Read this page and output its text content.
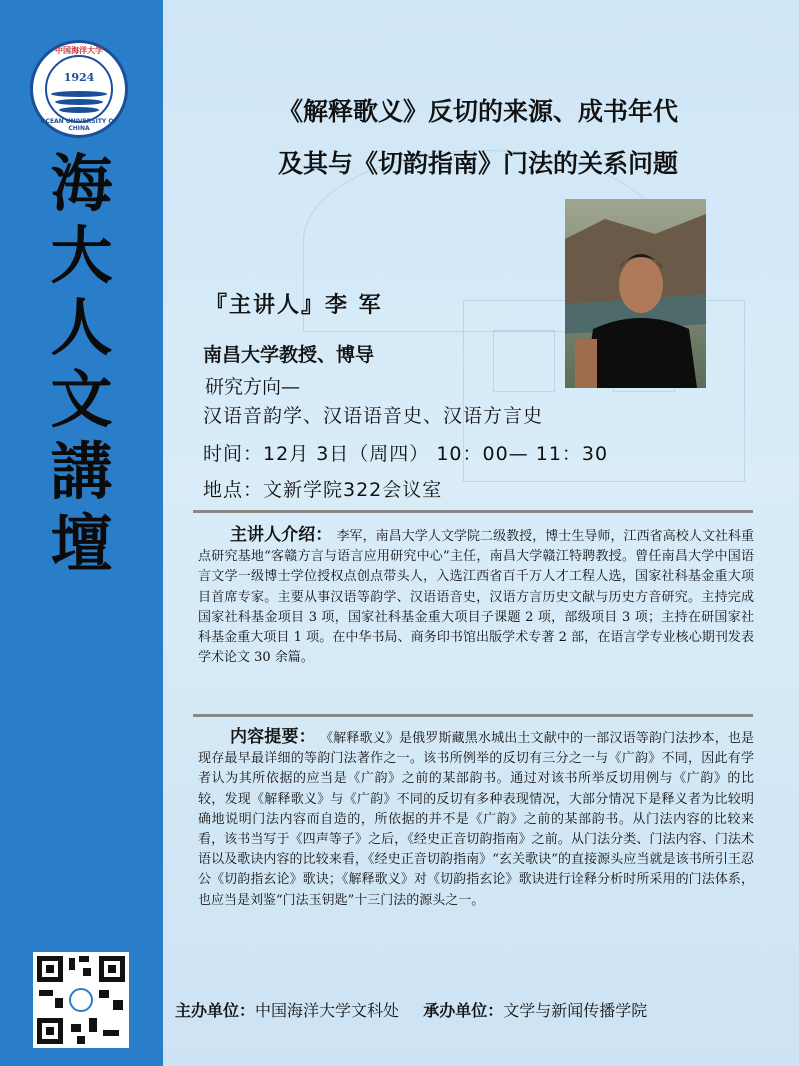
中国海洋大学
1924
OCEAN UNIVERSITY OF CHINA
海
大
人
文
講
壇
《解释歌义》反切的来源、成书年代
及其与《切韵指南》门法的关系问题
『主讲人』李 军
南昌大学教授、博导
研究方向—
汉语音韵学、汉语语音史、汉语方言史
时间：12月 3日（周四） 10：00— 11：30
地点：文新学院322会议室
主讲人介绍： 李军，南昌大学人文学院二级教授，博士生导师，江西省高校人文社科重点研究基地“客赣方言与语言应用研究中心”主任，南昌大学赣江特聘教授。曾任南昌大学中国语言文学一级博士学位授权点创点带头人，入选江西省百千万人才工程人选，国家社科基金重大项目首席专家。主要从事汉语等韵学、汉语语音史，汉语方言历史文献与历史方音研究。主持完成国家社科基金项目 3 项，国家社科基金重大项目子课题 2 项，部级项目 3 项；主持在研国家社科基金重大项目 1 项。在中华书局、商务印书馆出版学术专著 2 部，在语言学专业核心期刊发表学术论文 30 余篇。
内容提要： 《解释歌义》是俄罗斯藏黑水城出土文献中的一部汉语等韵门法抄本，也是现存最早最详细的等韵门法著作之一。该书所例举的反切有三分之一与《广韵》不同，因此有学者认为其所依据的应当是《广韵》之前的某部韵书。通过对该书所举反切用例与《广韵》的比较，发现《解释歌义》与《广韵》不同的反切有多种表现情况，大部分情况下是释义者为比较明确地说明门法内容而自造的，所依据的并不是《广韵》之前的某部韵书。从门法内容的比较来看，该书当写于《四声等子》之后，《经史正音切韵指南》之前。从门法分类、门法内容、门法术语以及歌诀内容的比较来看，《经史正音切韵指南》“玄关歌诀”的直接源头应当就是该书所引王忍公《切韵指玄论》歌诀；《解释歌义》对《切韵指玄论》歌诀进行诠释分析时所采用的门法体系，也应当是刘鉴“门法玉钥匙”十三门法的源头之一。
主办单位：中国海洋大学文科处 承办单位：文学与新闻传播学院
